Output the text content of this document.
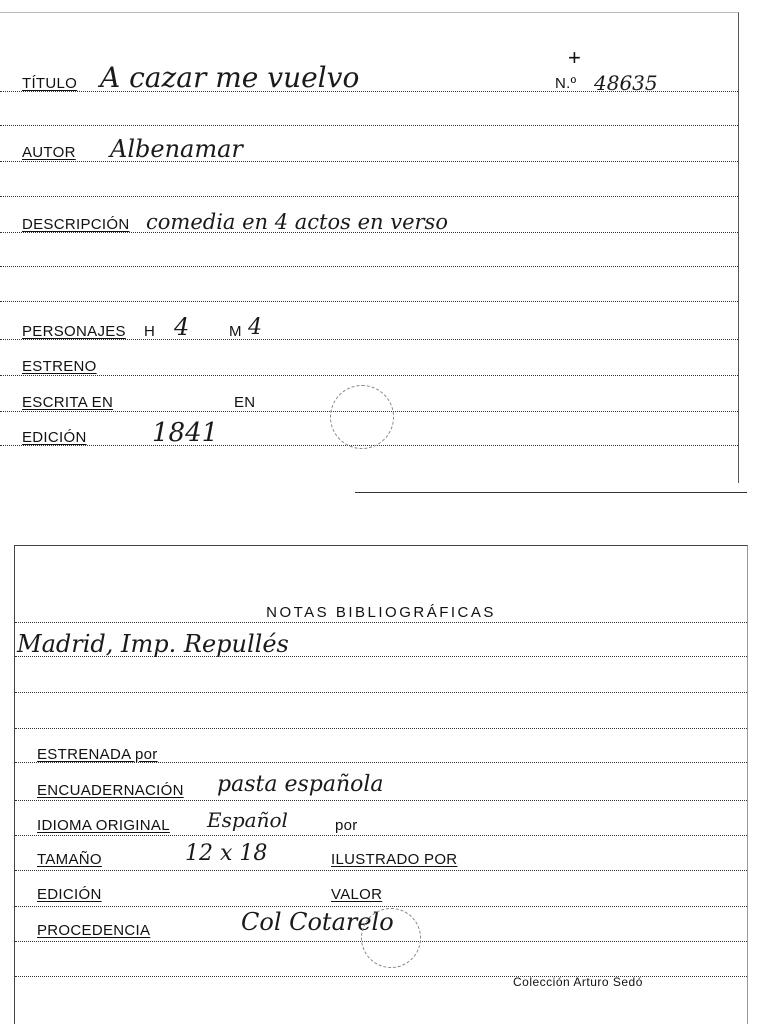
+
TÍTULO A cazar me vuelvo	N.º 48635
AUTOR Albenamar
DESCRIPCIÓN comedia en 4 actos en verso
PERSONAJES H 4	M 4
ESTRENO
ESCRITA EN	EN
EDICIÓN	1841
NOTAS BIBLIOGRÁFICAS
Madrid, Imp. Repullés
ESTRENADA por
ENCUADERNACIÓN pasta española
IDIOMA ORIGINAL Español	por
TAMAÑO	12 x 18	ILUSTRADO POR
EDICIÓN	VALOR
PROCEDENCIA	Col Cotarelo
Colección Arturo Sedó
